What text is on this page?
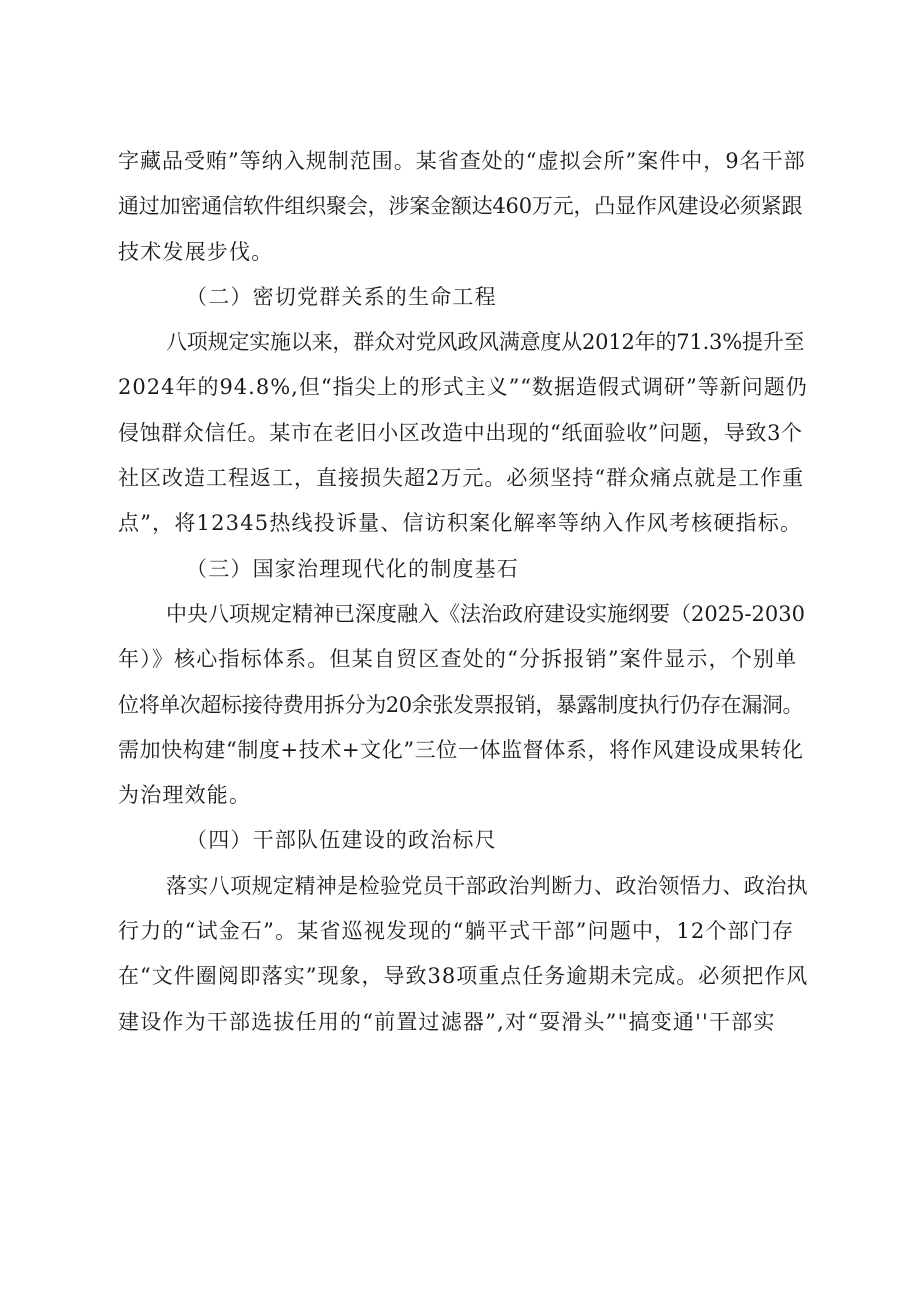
字藏品受贿”等纳入规制范围。某省查处的“虚拟会所”案件中，9名干部
通过加密通信软件组织聚会，涉案金额达460万元，凸显作风建设必须紧跟
技术发展步伐。
（二）密切党群关系的生命工程
八项规定实施以来，群众对党风政风满意度从2012年的71.3%提升至
2024年的94.8%,但“指尖上的形式主义”“数据造假式调研”等新问题仍
侵蚀群众信任。某市在老旧小区改造中出现的“纸面验收”问题，导致3个
社区改造工程返工，直接损失超2万元。必须坚持“群众痛点就是工作重
点”，将12345热线投诉量、信访积案化解率等纳入作风考核硬指标。
（三）国家治理现代化的制度基石
中央八项规定精神已深度融入《法治政府建设实施纲要（2025-2030
年）》核心指标体系。但某自贸区查处的“分拆报销”案件显示，个别单
位将单次超标接待费用拆分为20余张发票报销，暴露制度执行仍存在漏洞。
需加快构建“制度+技术+文化”三位一体监督体系，将作风建设成果转化
为治理效能。
（四）干部队伍建设的政治标尺
落实八项规定精神是检验党员干部政治判断力、政治领悟力、政治执
行力的“试金石”。某省巡视发现的“躺平式干部”问题中，12个部门存
在“文件圈阅即落实”现象，导致38项重点任务逾期未完成。必须把作风
建设作为干部选拔任用的“前置过滤器”,对“耍滑头”"搞变通''干部实
